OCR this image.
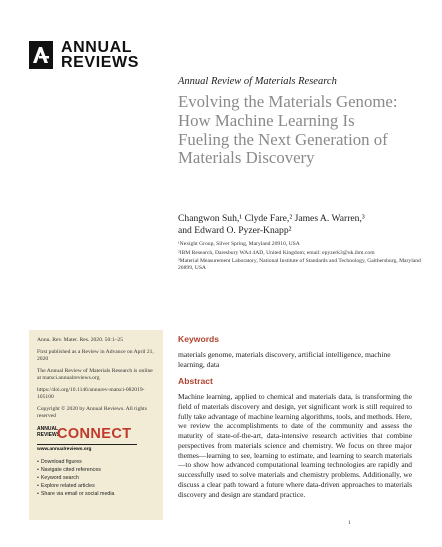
ANNUAL
REVIEWS
Annual Review of Materials Research
Evolving the Materials Genome: How Machine Learning Is Fueling the Next Generation of Materials Discovery
Changwon Suh,¹ Clyde Fare,² James A. Warren,³
and Edward O. Pyzer-Knapp²
¹Nexight Group, Silver Spring, Maryland 20910, USA
²IBM Research, Daresbury WA4 4AD, United Kingdom; email: epyzerk3@uk.ibm.com
³Material Measurement Laboratory, National Institute of Standards and Technology, Gaithersburg, Maryland 20899, USA
Annu. Rev. Mater. Res. 2020. 50:1–25
First published as a Review in Advance on April 21, 2020
The Annual Review of Materials Research is online at matsci.annualreviews.org
https://doi.org/10.1146/annurev-matsci-082019-105100
Copyright © 2020 by Annual Reviews. All rights reserved
ANNUAL
REVIEWS
CONNECT
www.annualreviews.org
• Download figures
• Navigate cited references
• Keyword search
• Explore related articles
• Share via email or social media
Keywords
materials genome, materials discovery, artificial intelligence, machine learning, data
Abstract
Machine learning, applied to chemical and materials data, is transforming the field of materials discovery and design, yet significant work is still required to fully take advantage of machine learning algorithms, tools, and methods. Here, we review the accomplishments to date of the community and assess the maturity of state-of-the-art, data-intensive research activities that combine perspectives from materials science and chemistry. We focus on three major themes—learning to see, learning to estimate, and learning to search materials—to show how advanced computational learning technologies are rapidly and successfully used to solve materials and chemistry problems. Additionally, we discuss a clear path toward a future where data-driven approaches to materials discovery and design are standard practice.
1
